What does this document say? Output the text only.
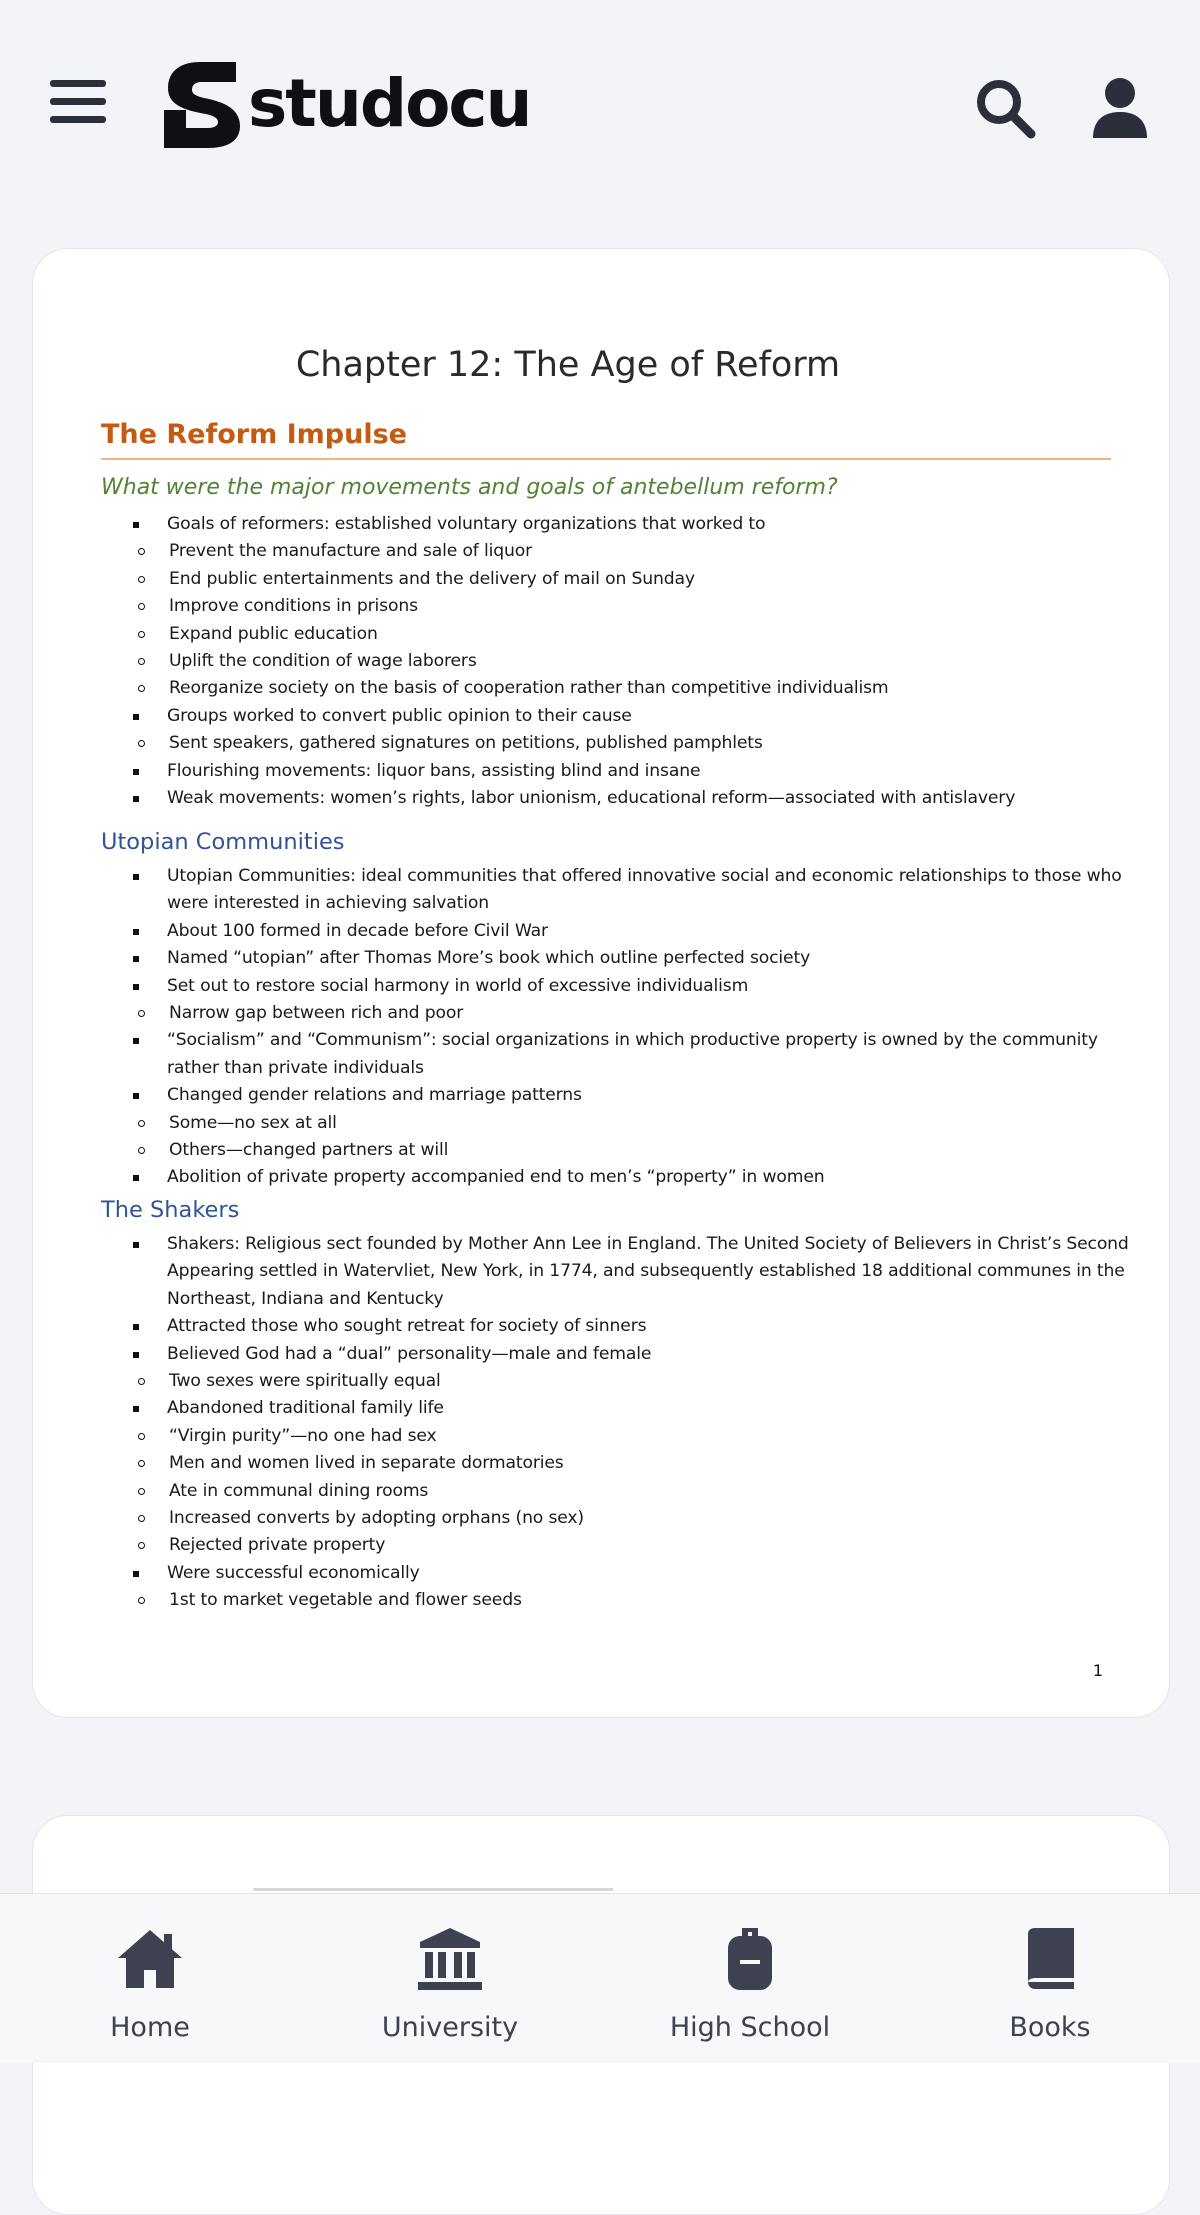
studocu
Chapter 12: The Age of Reform
The Reform Impulse
What were the major movements and goals of antebellum reform?
Goals of reformers: established voluntary organizations that worked to
Prevent the manufacture and sale of liquor
End public entertainments and the delivery of mail on Sunday
Improve conditions in prisons
Expand public education
Uplift the condition of wage laborers
Reorganize society on the basis of cooperation rather than competitive individualism
Groups worked to convert public opinion to their cause
Sent speakers, gathered signatures on petitions, published pamphlets
Flourishing movements: liquor bans, assisting blind and insane
Weak movements: women’s rights, labor unionism, educational reform—associated with antislavery
Utopian Communities
Utopian Communities: ideal communities that offered innovative social and economic relationships to those who were interested in achieving salvation
About 100 formed in decade before Civil War
Named “utopian” after Thomas More’s book which outline perfected society
Set out to restore social harmony in world of excessive individualism
Narrow gap between rich and poor
“Socialism” and “Communism”: social organizations in which productive property is owned by the community rather than private individuals
Changed gender relations and marriage patterns
Some—no sex at all
Others—changed partners at will
Abolition of private property accompanied end to men’s “property” in women
The Shakers
Shakers: Religious sect founded by Mother Ann Lee in England. The United Society of Believers in Christ’s Second Appearing settled in Watervliet, New York, in 1774, and subsequently established 18 additional communes in the Northeast, Indiana and Kentucky
Attracted those who sought retreat for society of sinners
Believed God had a “dual” personality—male and female
Two sexes were spiritually equal
Abandoned traditional family life
“Virgin purity”—no one had sex
Men and women lived in separate dormatories
Ate in communal dining rooms
Increased converts by adopting orphans (no sex)
Rejected private property
Were successful economically
1st to market vegetable and flower seeds
1
Home	University	High School	Books
